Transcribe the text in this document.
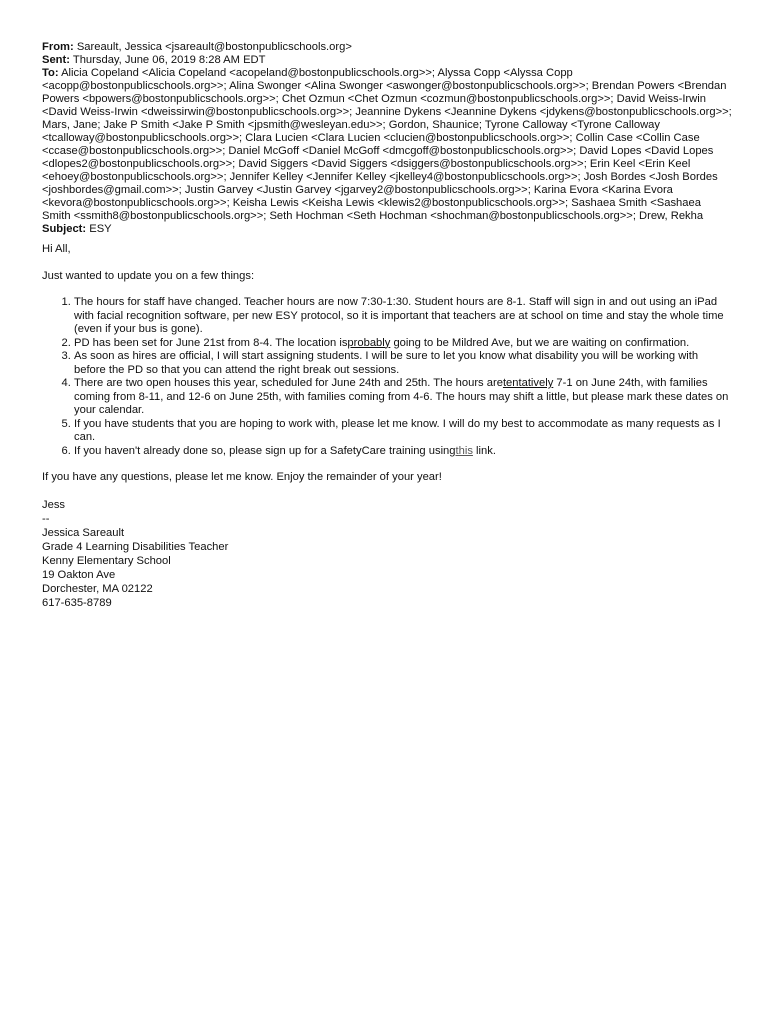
From: Sareault, Jessica <jsareault@bostonpublicschools.org>
Sent: Thursday, June 06, 2019 8:28 AM EDT
To: Alicia Copeland <Alicia Copeland <acopeland@bostonpublicschools.org>>; Alyssa Copp <Alyssa Copp <acopp@bostonpublicschools.org>>; Alina Swonger <Alina Swonger <aswonger@bostonpublicschools.org>>; Brendan Powers <Brendan Powers <bpowers@bostonpublicschools.org>>; Chet Ozmun <Chet Ozmun <cozmun@bostonpublicschools.org>>; David Weiss-Irwin <David Weiss-Irwin <dweissirwin@bostonpublicschools.org>>; Jeannine Dykens <Jeannine Dykens <jdykens@bostonpublicschools.org>>; Mars, Jane; Jake P Smith <Jake P Smith <jpsmith@wesleyan.edu>>; Gordon, Shaunice; Tyrone Calloway <Tyrone Calloway <tcalloway@bostonpublicschools.org>>; Clara Lucien <Clara Lucien <clucien@bostonpublicschools.org>>; Collin Case <Collin Case <ccase@bostonpublicschools.org>>; Daniel McGoff <Daniel McGoff <dmcgoff@bostonpublicschools.org>>; David Lopes <David Lopes <dlopes2@bostonpublicschools.org>>; David Siggers <David Siggers <dsiggers@bostonpublicschools.org>>; Erin Keel <Erin Keel <ehoey@bostonpublicschools.org>>; Jennifer Kelley <Jennifer Kelley <jkelley4@bostonpublicschools.org>>; Josh Bordes <Josh Bordes <joshbordes@gmail.com>>; Justin Garvey <Justin Garvey <jgarvey2@bostonpublicschools.org>>; Karina Evora <Karina Evora <kevora@bostonpublicschools.org>>; Keisha Lewis <Keisha Lewis <klewis2@bostonpublicschools.org>>; Sashaea Smith <Sashaea Smith <ssmith8@bostonpublicschools.org>>; Seth Hochman <Seth Hochman <shochman@bostonpublicschools.org>>; Drew, Rekha
Subject: ESY
Hi All,
Just wanted to update you on a few things:
1. The hours for staff have changed. Teacher hours are now 7:30-1:30. Student hours are 8-1. Staff will sign in and out using an iPad with facial recognition software, per new ESY protocol, so it is important that teachers are at school on time and stay the whole time (even if your bus is gone).
2. PD has been set for June 21st from 8-4. The location isprobably going to be Mildred Ave, but we are waiting on confirmation.
3. As soon as hires are official, I will start assigning students. I will be sure to let you know what disability you will be working with before the PD so that you can attend the right break out sessions.
4. There are two open houses this year, scheduled for June 24th and 25th. The hours aretentatively 7-1 on June 24th, with families coming from 8-11, and 12-6 on June 25th, with families coming from 4-6. The hours may shift a little, but please mark these dates on your calendar.
5. If you have students that you are hoping to work with, please let me know. I will do my best to accommodate as many requests as I can.
6. If you haven't already done so, please sign up for a SafetyCare training usingthis link.
If you have any questions, please let me know. Enjoy the remainder of your year!
Jess
--
Jessica Sareault
Grade 4 Learning Disabilities Teacher
Kenny Elementary School
19 Oakton Ave
Dorchester, MA 02122
617-635-8789
